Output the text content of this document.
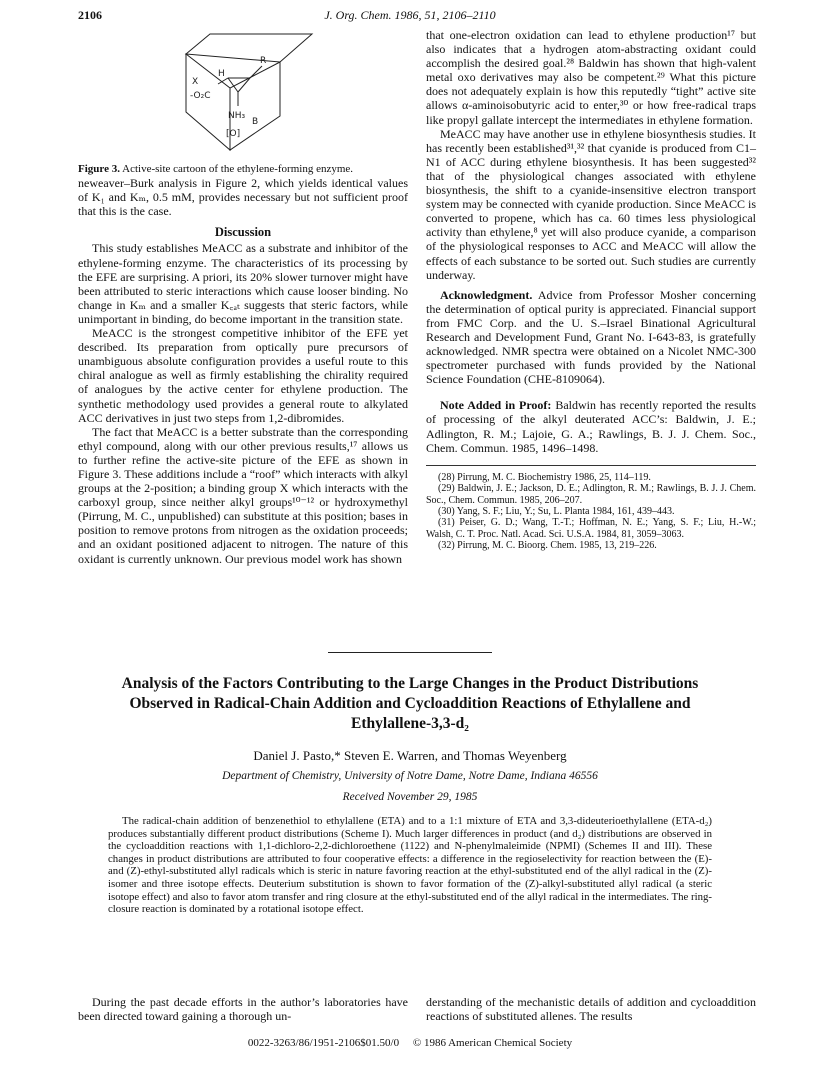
2106	J. Org. Chem. 1986, 51, 2106–2110
H
R
X
-O₂C
NH₃
B
[O]

Figure 3. Active-site cartoon of the ethylene-forming enzyme.

neweaver–Burk analysis in Figure 2, which yields identical values of K₁ and Kₘ, 0.5 mM, provides necessary but not sufficient proof that this is the case.

Discussion

This study establishes MeACC as a substrate and inhibitor of the ethylene-forming enzyme. The characteristics of its processing by the EFE are surprising. A priori, its 20% slower turnover might have been attributed to steric interactions which cause looser binding. No change in Kₘ and a smaller K꜀ₐₜ suggests that steric factors, while unimportant in binding, do become important in the transition state.

MeACC is the strongest competitive inhibitor of the EFE yet described. Its preparation from optically pure precursors of unambiguous absolute configuration provides a useful route to this chiral analogue as well as firmly establishing the chirality required of analogues by the active center for ethylene production. The synthetic methodology used provides a general route to alkylated ACC derivatives in just two steps from 1,2-dibromides.

The fact that MeACC is a better substrate than the corresponding ethyl compound, along with our other previous results,¹⁷ allows us to further refine the active-site picture of the EFE as shown in Figure 3. These additions include a “roof” which interacts with alkyl groups at the 2-position; a binding group X which interacts with the carboxyl group, since neither alkyl groups¹⁰⁻¹² or hydroxymethyl (Pirrung, M. C., unpublished) can substitute at this position; bases in position to remove protons from nitrogen as the oxidation proceeds; and an oxidant positioned adjacent to nitrogen. The nature of this oxidant is currently unknown. Our previous model work has shown

that one-electron oxidation can lead to ethylene production¹⁷ but also indicates that a hydrogen atom-abstracting oxidant could accomplish the desired goal.²⁸ Baldwin has shown that high-valent metal oxo derivatives may also be competent.²⁹ What this picture does not adequately explain is how this reputedly “tight” active site allows α-aminoisobutyric acid to enter,³⁰ or how free-radical traps like propyl gallate intercept the intermediates in ethylene formation.

MeACC may have another use in ethylene biosynthesis studies. It has recently been established³¹,³² that cyanide is produced from C1–N1 of ACC during ethylene biosynthesis. It has been suggested³² that of the physiological changes associated with ethylene biosynthesis, the shift to a cyanide-insensitive electron transport system may be connected with cyanide production. Since MeACC is converted to propene, which has ca. 60 times less physiological activity than ethylene,⁸ yet will also produce cyanide, a comparison of the physiological responses to ACC and MeACC will allow the effects of each substance to be sorted out. Such studies are currently underway.

Acknowledgment. Advice from Professor Mosher concerning the determination of optical purity is appreciated. Financial support from FMC Corp. and the U. S.–Israel Binational Agricultural Research and Development Fund, Grant No. I-643-83, is gratefully acknowledged. NMR spectra were obtained on a Nicolet NMC-300 spectrometer purchased with funds provided by the National Science Foundation (CHE-8109064).

Note Added in Proof: Baldwin has recently reported the results of processing of the alkyl deuterated ACC’s: Baldwin, J. E.; Adlington, R. M.; Lajoie, G. A.; Rawlings, B. J. J. Chem. Soc., Chem. Commun. 1985, 1496–1498.

(28) Pirrung, M. C. Biochemistry 1986, 25, 114–119.
(29) Baldwin, J. E.; Jackson, D. E.; Adlington, R. M.; Rawlings, B. J. J. Chem. Soc., Chem. Commun. 1985, 206–207.
(30) Yang, S. F.; Liu, Y.; Su, L. Planta 1984, 161, 439–443.
(31) Peiser, G. D.; Wang, T.-T.; Hoffman, N. E.; Yang, S. F.; Liu, H.-W.; Walsh, C. T. Proc. Natl. Acad. Sci. U.S.A. 1984, 81, 3059–3063.
(32) Pirrung, M. C. Bioorg. Chem. 1985, 13, 219–226.
Analysis of the Factors Contributing to the Large Changes in the Product Distributions Observed in Radical-Chain Addition and Cycloaddition Reactions of Ethylallene and Ethylallene-3,3-d₂
Daniel J. Pasto,* Steven E. Warren, and Thomas Weyenberg
Department of Chemistry, University of Notre Dame, Notre Dame, Indiana 46556
Received November 29, 1985

The radical-chain addition of benzenethiol to ethylallene (ETA) and to a 1:1 mixture of ETA and 3,3-dideuterioethylallene (ETA-d₂) produces substantially different product distributions (Scheme I). Much larger differences in product (and d₂) distributions are observed in the cycloaddition reactions with 1,1-dichloro-2,2-dichloroethene (1122) and N-phenylmaleimide (NPMI) (Schemes II and III). These changes in product distributions are attributed to four cooperative effects: a difference in the regioselectivity for reaction between the (E)- and (Z)-ethyl-substituted allyl radicals which is steric in nature favoring reaction at the ethyl-substituted end of the allyl radical in the (Z)-isomer and three isotope effects. Deuterium substitution is shown to favor formation of the (Z)-alkyl-substituted allyl radical (a steric isotope effect) and also to favor atom transfer and ring closure at the ethyl-substituted end of the allyl radical in the intermediates. The ring-closure reaction is dominated by a rotational isotope effect.

During the past decade efforts in the author’s laboratories have been directed toward gaining a thorough un-

derstanding of the mechanistic details of addition and cycloaddition reactions of substituted allenes. The results

0022-3263/86/1951-2106$01.50/0 © 1986 American Chemical Society
